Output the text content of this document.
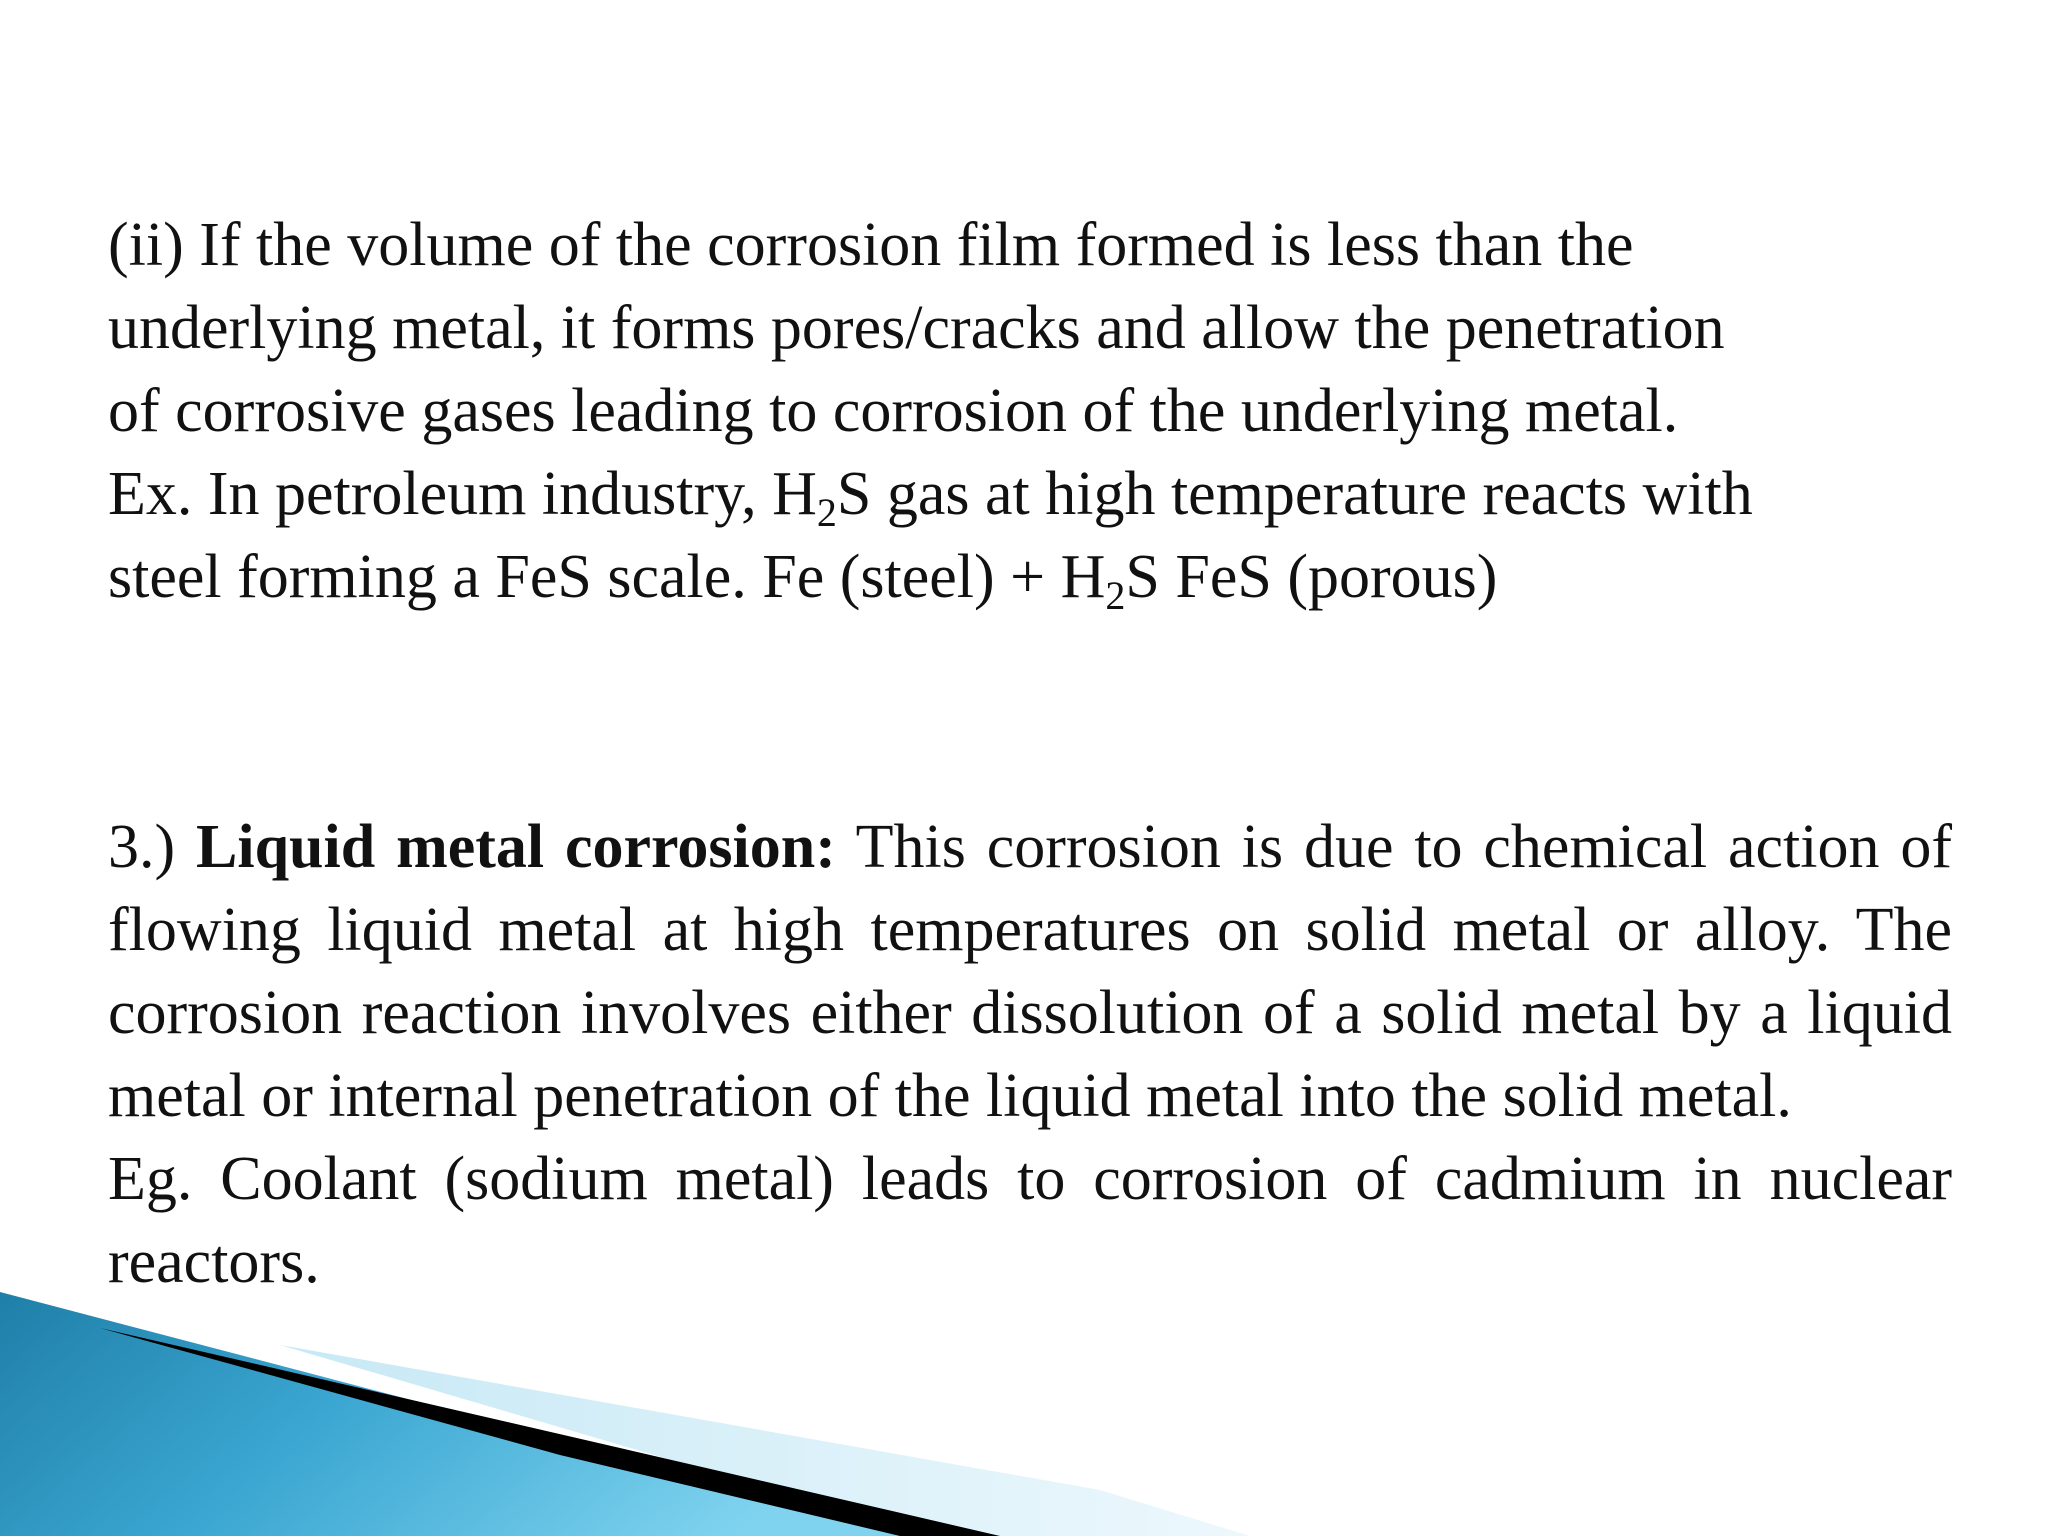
(ii) If the volume of the corrosion film formed is less than the
underlying metal, it forms pores/cracks and allow the penetration
of corrosive gases leading to corrosion of the underlying metal.
Ex. In petroleum industry, $H_2S$ gas at high temperature reacts with
steel forming a FeS scale. Fe (steel) + $H_2S$ FeS (porous)
3.) Liquid metal corrosion: This corrosion is due to chemical action of flowing liquid metal at high temperatures on solid metal or alloy. The corrosion reaction involves either dissolution of a solid metal by a liquid metal or internal penetration of the liquid metal into the solid metal.
Eg. Coolant (sodium metal) leads to corrosion of cadmium in nuclear reactors.
